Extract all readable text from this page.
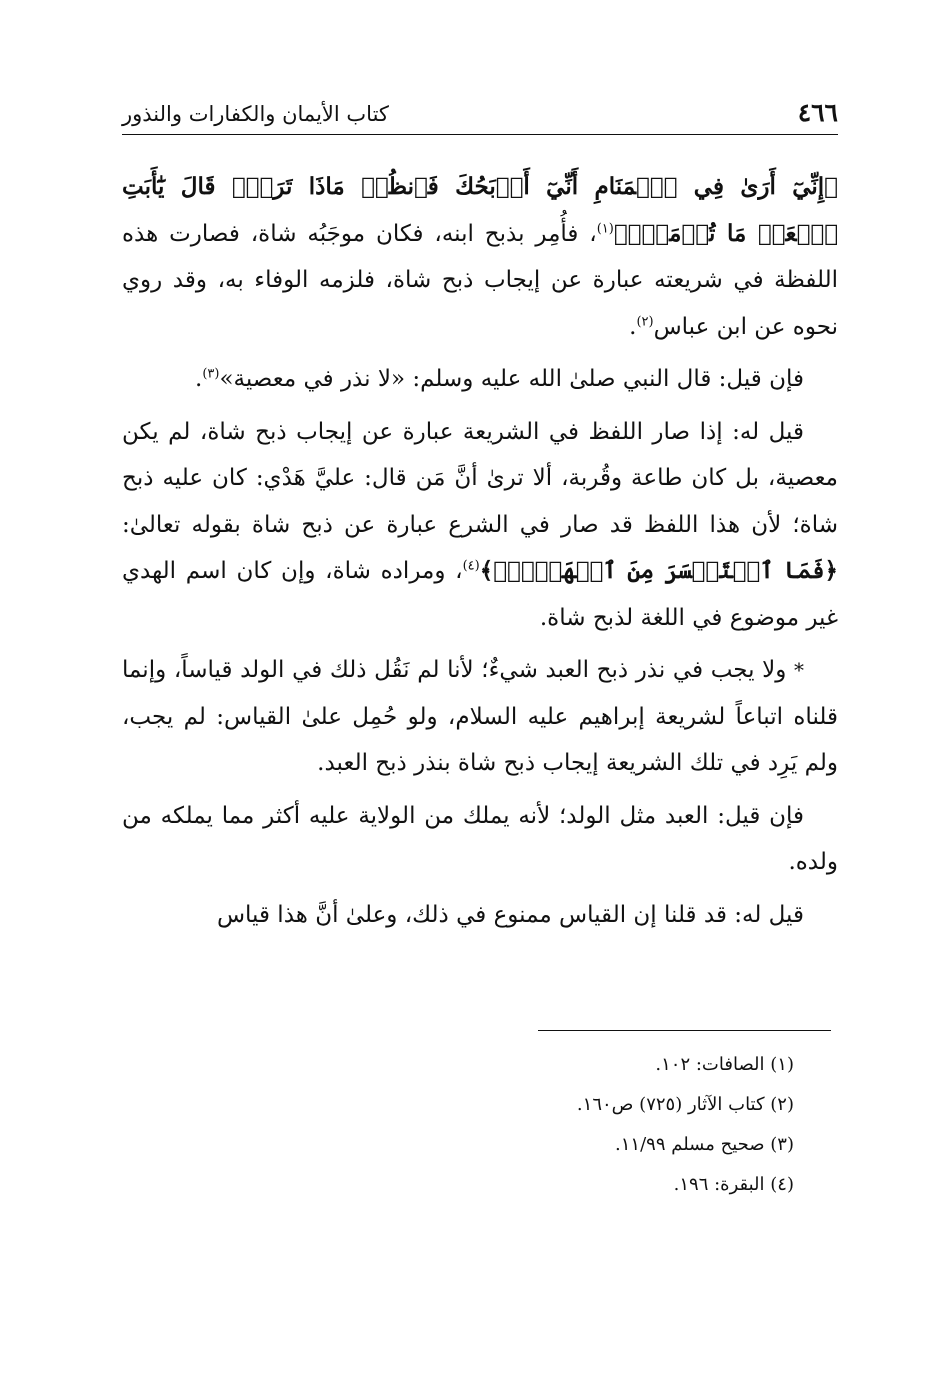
٤٦٦
كتاب الأيمان والكفارات والنذور

﴿إِنِّيٓ أَرَىٰ فِي ٱلۡمَنَامِ أَنِّيٓ أَذۡبَحُكَ فَٱنظُرۡ مَاذَا تَرَىٰۚ قَالَ يَٰٓأَبَتِ ٱفۡعَلۡ مَا تُؤۡمَرُۖ﴾$^{(١)}$، فأُمِر بذبح ابنه، فكان موجَبُه شاة، فصارت هذه اللفظة في شريعته عبارة عن إيجاب ذبح شاة، فلزمه الوفاء به، وقد روي نحوه عن ابن عباس$^{(٢)}$.

فإن قيل: قال النبي صلىٰ الله عليه وسلم: «لا نذر في معصية»$^{(٣)}$.

قيل له: إذا صار اللفظ في الشريعة عبارة عن إيجاب ذبح شاة، لم يكن معصية، بل كان طاعة وقُربة، ألا ترىٰ أنَّ مَن قال: عليَّ هَدْي: كان عليه ذبح شاة؛ لأن هذا اللفظ قد صار في الشرع عبارة عن ذبح شاة بقوله تعالىٰ: ﴿فَمَا ٱسۡتَيۡسَرَ مِنَ ٱلۡهَدۡيِۖ﴾$^{(٤)}$، ومراده شاة، وإن كان اسم الهدي غير موضوع في اللغة لذبح شاة.

* ولا يجب في نذر ذبح العبد شيءٌ؛ لأنا لم نَقُل ذلك في الولد قياساً، وإنما قلناه اتباعاً لشريعة إبراهيم عليه السلام، ولو حُمِل علىٰ القياس: لم يجب، ولم يَرِد في تلك الشريعة إيجاب ذبح شاة بنذر ذبح العبد.

فإن قيل: العبد مثل الولد؛ لأنه يملك من الولاية عليه أكثر مما يملكه من ولده.

قيل له: قد قلنا إن القياس ممنوع في ذلك، وعلىٰ أنَّ هذا قياس

(١) الصافات: ١٠٢.
(٢) كتاب الآثار (٧٢٥) ص١٦٠.
(٣) صحيح مسلم ١١/٩٩.
(٤) البقرة: ١٩٦.
